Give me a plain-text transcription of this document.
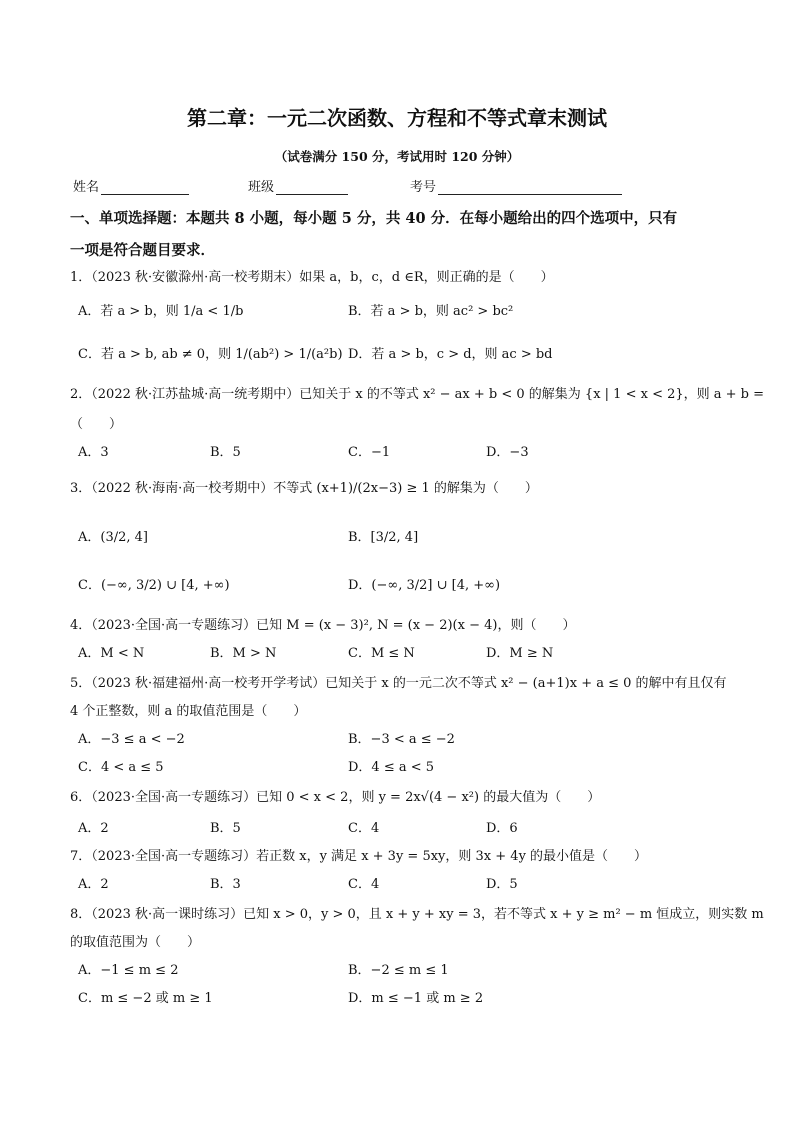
第二章：一元二次函数、方程和不等式章末测试
（试卷满分 150 分，考试用时 120 分钟）
姓名	班级	考号
一、单项选择题：本题共 8 小题，每小题 5 分，共 40 分．在每小题给出的四个选项中，只有
一项是符合题目要求．
1．（2023 秋·安徽滁州·高一校考期末）如果 a，b，c，d ∈R，则正确的是（　　）
A．若 a > b，则 1/a < 1/b	B．若 a > b，则 ac² > bc²
C．若 a > b, ab ≠ 0，则 1/(ab²) > 1/(a²b) D．若 a > b，c > d，则 ac > bd
2．（2022 秋·江苏盐城·高一统考期中）已知关于 x 的不等式 x² − ax + b < 0 的解集为 {x | 1 < x < 2}，则 a + b =
（　　）
A．3	B．5	C．−1	D．−3
3．（2022 秋·海南·高一校考期中）不等式 (x+1)/(2x−3) ≥ 1 的解集为（　　）
A．(3/2, 4]	B．[3/2, 4]
C．(−∞, 3/2) ∪ [4, +∞)	D．(−∞, 3/2] ∪ [4, +∞)
4．（2023·全国·高一专题练习）已知 M = (x − 3)², N = (x − 2)(x − 4)，则（　　）
A．M < N	B．M > N	C．M ≤ N	D．M ≥ N
5．（2023 秋·福建福州·高一校考开学考试）已知关于 x 的一元二次不等式 x² − (a+1)x + a ≤ 0 的解中有且仅有
4 个正整数，则 a 的取值范围是（　　）
A．−3 ≤ a < −2	B．−3 < a ≤ −2
C．4 < a ≤ 5	D．4 ≤ a < 5
6．（2023·全国·高一专题练习）已知 0 < x < 2，则 y = 2x√(4 − x²) 的最大值为（　　）
A．2	B．5	C．4	D．6
7．（2023·全国·高一专题练习）若正数 x，y 满足 x + 3y = 5xy，则 3x + 4y 的最小值是（　　）
A．2	B．3	C．4	D．5
8．（2023 秋·高一课时练习）已知 x > 0，y > 0，且 x + y + xy = 3，若不等式 x + y ≥ m² − m 恒成立，则实数 m
的取值范围为（　　）
A．−1 ≤ m ≤ 2	B．−2 ≤ m ≤ 1
C．m ≤ −2 或 m ≥ 1	D．m ≤ −1 或 m ≥ 2
